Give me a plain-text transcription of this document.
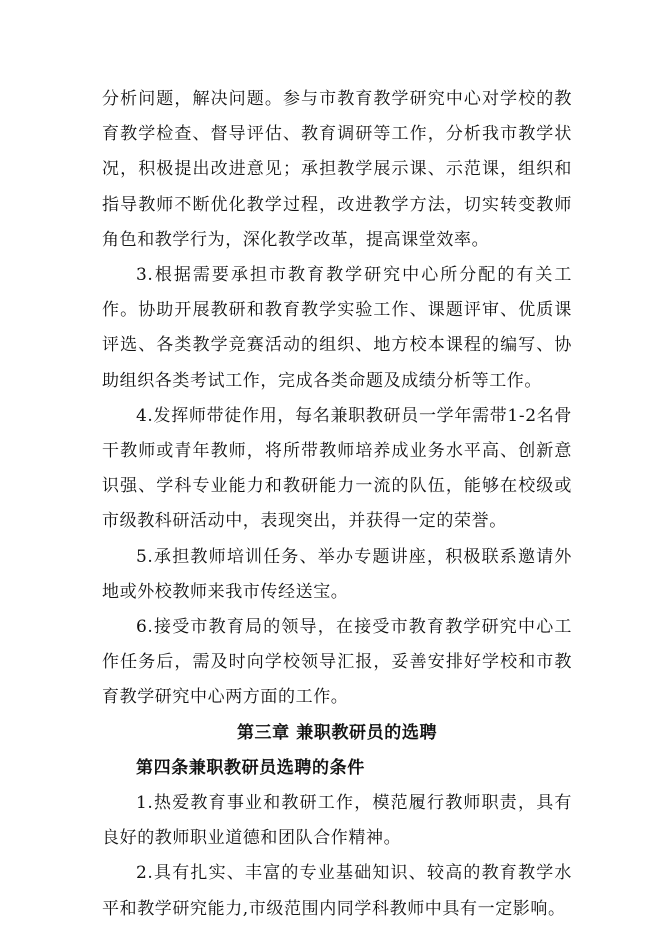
分析问题，解决问题。参与市教育教学研究中心对学校的教育教学检查、督导评估、教育调研等工作，分析我市教学状况，积极提出改进意见；承担教学展示课、示范课，组织和指导教师不断优化教学过程，改进教学方法，切实转变教师角色和教学行为，深化教学改革，提高课堂效率。

3.根据需要承担市教育教学研究中心所分配的有关工作。协助开展教研和教育教学实验工作、课题评审、优质课评选、各类教学竞赛活动的组织、地方校本课程的编写、协助组织各类考试工作，完成各类命题及成绩分析等工作。

4.发挥师带徒作用，每名兼职教研员一学年需带1-2名骨干教师或青年教师，将所带教师培养成业务水平高、创新意识强、学科专业能力和教研能力一流的队伍，能够在校级或市级教科研活动中，表现突出，并获得一定的荣誉。

5.承担教师培训任务、举办专题讲座，积极联系邀请外地或外校教师来我市传经送宝。

6.接受市教育局的领导，在接受市教育教学研究中心工作任务后，需及时向学校领导汇报，妥善安排好学校和市教育教学研究中心两方面的工作。

第三章 兼职教研员的选聘

第四条兼职教研员选聘的条件

1.热爱教育事业和教研工作，模范履行教师职责，具有良好的教师职业道德和团队合作精神。

2.具有扎实、丰富的专业基础知识、较高的教育教学水平和教学研究能力,市级范围内同学科教师中具有一定影响。
